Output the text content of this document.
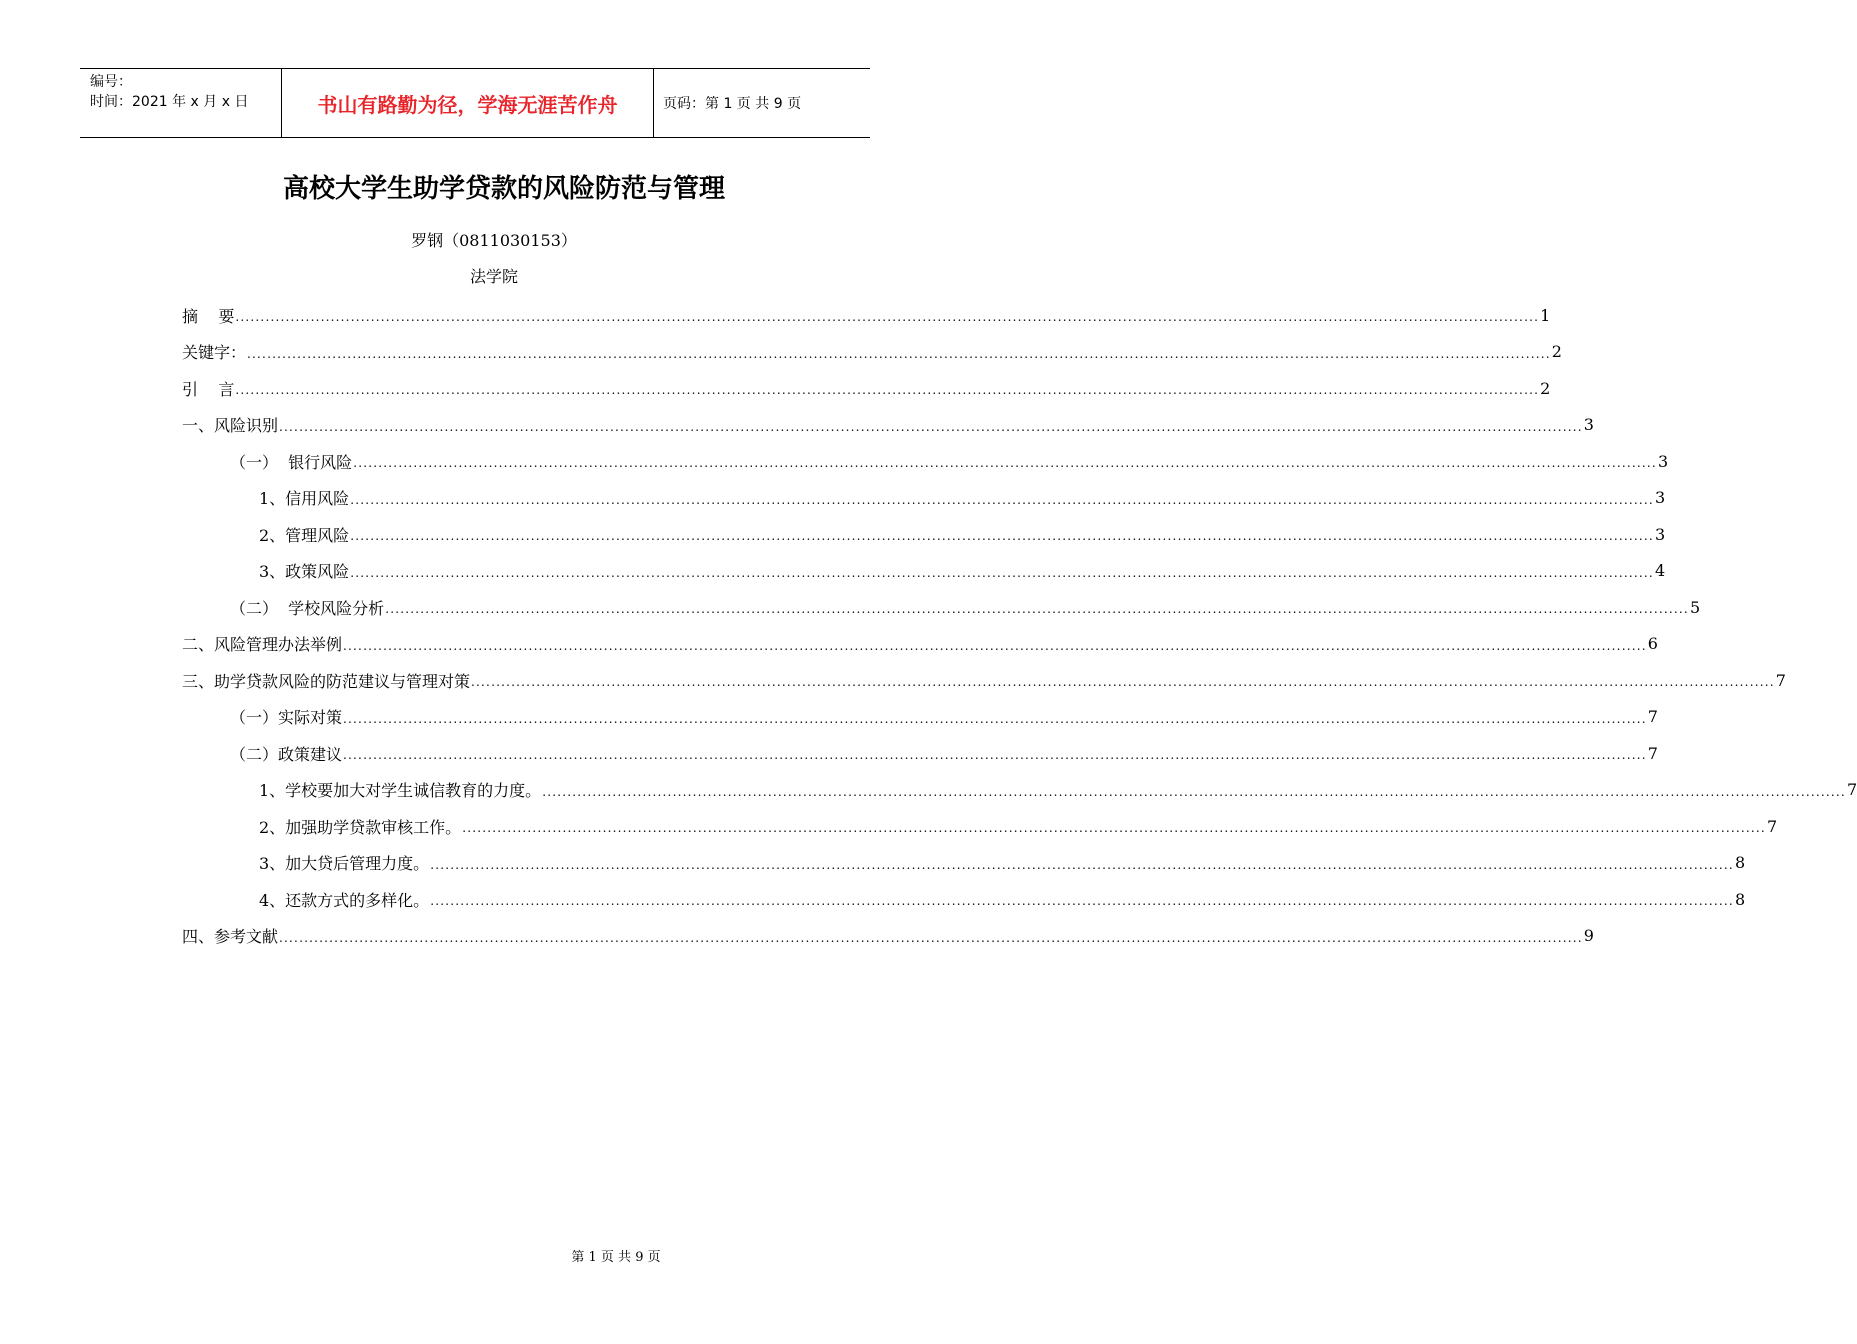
编号：
时间：2021 年 x 月 x 日	书山有路勤为径，学海无涯苦作舟	页码：第 1 页 共 9 页
高校大学生助学贷款的风险防范与管理
罗钢（0811030153）
法学院
摘    要 .................................................................................................................................................................................................................................................................... 1
关键字： .................................................................................................................................................................................................................................................................... 2
引    言 .................................................................................................................................................................................................................................................................... 2
一、风险识别 .................................................................................................................................................................................................................................................................... 3
（一）  银行风险 .................................................................................................................................................................................................................................................................... 3
1、信用风险 .................................................................................................................................................................................................................................................................... 3
2、管理风险 .................................................................................................................................................................................................................................................................... 3
3、政策风险 .................................................................................................................................................................................................................................................................... 4
（二）  学校风险分析 .................................................................................................................................................................................................................................................................... 5
二、风险管理办法举例 .................................................................................................................................................................................................................................................................... 6
三、助学贷款风险的防范建议与管理对策 .................................................................................................................................................................................................................................................................... 7
（一）实际对策 .................................................................................................................................................................................................................................................................... 7
（二）政策建议 .................................................................................................................................................................................................................................................................... 7
1、学校要加大对学生诚信教育的力度。 .................................................................................................................................................................................................................................................................... 7
2、加强助学贷款审核工作。 .................................................................................................................................................................................................................................................................... 7
3、加大贷后管理力度。 .................................................................................................................................................................................................................................................................... 8
4、还款方式的多样化。 .................................................................................................................................................................................................................................................................... 8
四、参考文献 .................................................................................................................................................................................................................................................................... 9
第 1 页 共 9 页
